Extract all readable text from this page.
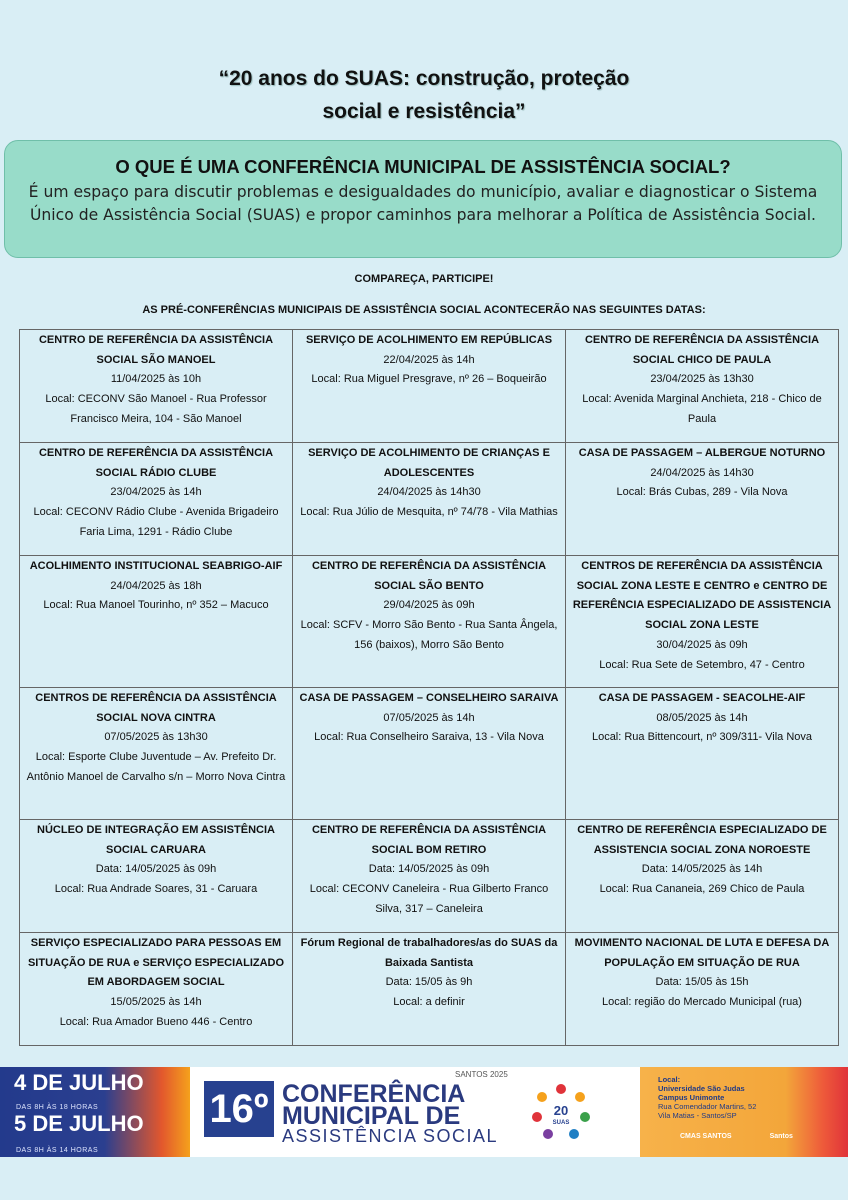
“20 anos do SUAS: construção, proteção
social e resistência”
O QUE É UMA CONFERÊNCIA MUNICIPAL DE ASSISTÊNCIA SOCIAL?

É um espaço para discutir problemas e desigualdades do município, avaliar e diagnosticar o Sistema Único de Assistência Social (SUAS) e propor caminhos para melhorar a Política de Assistência Social.

COMPAREÇA, PARTICIPE!
AS PRÉ-CONFERÊNCIAS MUNICIPAIS DE ASSISTÊNCIA SOCIAL ACONTECERÃO NAS SEGUINTES DATAS:
CENTRO DE REFERÊNCIA DA ASSISTÊNCIA SOCIAL SÃO MANOEL
11/04/2025 às 10h
Local: CECONV São Manoel - Rua Professor Francisco Meira, 104 - São Manoel	SERVIÇO DE ACOLHIMENTO EM REPÚBLICAS
22/04/2025 às 14h
Local: Rua Miguel Presgrave, nº 26 – Boqueirão	CENTRO DE REFERÊNCIA DA ASSISTÊNCIA SOCIAL CHICO DE PAULA
23/04/2025 às 13h30
Local: Avenida Marginal Anchieta, 218 - Chico de Paula

CENTRO DE REFERÊNCIA DA ASSISTÊNCIA SOCIAL RÁDIO CLUBE
23/04/2025 às 14h
Local: CECONV Rádio Clube - Avenida Brigadeiro Faria Lima, 1291 - Rádio Clube	SERVIÇO DE ACOLHIMENTO DE CRIANÇAS E ADOLESCENTES
24/04/2025 às 14h30
Local: Rua Júlio de Mesquita, nº 74/78 - Vila Mathias	CASA DE PASSAGEM – ALBERGUE NOTURNO
24/04/2025 às 14h30
Local: Brás Cubas, 289 - Vila Nova

ACOLHIMENTO INSTITUCIONAL SEABRIGO-AIF
24/04/2025 às 18h
Local: Rua Manoel Tourinho, nº 352 – Macuco	CENTRO DE REFERÊNCIA DA ASSISTÊNCIA SOCIAL SÃO BENTO
29/04/2025 às 09h
Local: SCFV - Morro São Bento - Rua Santa Ângela, 156 (baixos), Morro São Bento	CENTROS DE REFERÊNCIA DA ASSISTÊNCIA SOCIAL ZONA LESTE E CENTRO e CENTRO DE REFERÊNCIA ESPECIALIZADO DE ASSISTENCIA SOCIAL ZONA LESTE
30/04/2025 às 09h
Local: Rua Sete de Setembro, 47 - Centro

CENTROS DE REFERÊNCIA DA ASSISTÊNCIA SOCIAL NOVA CINTRA
07/05/2025 às 13h30
Local: Esporte Clube Juventude – Av. Prefeito Dr. Antônio Manoel de Carvalho s/n – Morro Nova Cintra	CASA DE PASSAGEM – CONSELHEIRO SARAIVA
07/05/2025 às 14h
Local: Rua Conselheiro Saraiva, 13 - Vila Nova	CASA DE PASSAGEM - SEACOLHE-AIF
08/05/2025 às 14h
Local: Rua Bittencourt, nº 309/311- Vila Nova

NÚCLEO DE INTEGRAÇÃO EM ASSISTÊNCIA SOCIAL CARUARA
Data: 14/05/2025 às 09h
Local: Rua Andrade Soares, 31 - Caruara	CENTRO DE REFERÊNCIA DA ASSISTÊNCIA SOCIAL BOM RETIRO
Data: 14/05/2025 às 09h
Local: CECONV Caneleira - Rua Gilberto Franco Silva, 317 – Caneleira	CENTRO DE REFERÊNCIA ESPECIALIZADO DE ASSISTENCIA SOCIAL ZONA NOROESTE
Data: 14/05/2025 às 14h
Local: Rua Cananeia, 269 Chico de Paula

SERVIÇO ESPECIALIZADO PARA PESSOAS EM SITUAÇÃO DE RUA e SERVIÇO ESPECIALIZADO EM ABORDAGEM SOCIAL
15/05/2025 às 14h
Local: Rua Amador Bueno 446 - Centro	Fórum Regional de trabalhadores/as do SUAS da Baixada Santista
Data: 15/05 às 9h
Local: a definir	MOVIMENTO NACIONAL DE LUTA E DEFESA DA POPULAÇÃO EM SITUAÇÃO DE RUA
Data: 15/05 às 15h
Local: região do Mercado Municipal (rua)
4 DE JULHO
DAS 8H ÀS 18 HORAS
5 DE JULHO
DAS 8H ÀS 14 HORAS
SANTOS 2025
16º CONFERÊNCIA
MUNICIPAL DE
ASSISTÊNCIA SOCIAL
20
SUAS
Local:
Universidade São Judas
Campus Unimonte
Rua Comendador Martins, 52
Vila Matias - Santos/SP
CMAS SANTOS	Santos
